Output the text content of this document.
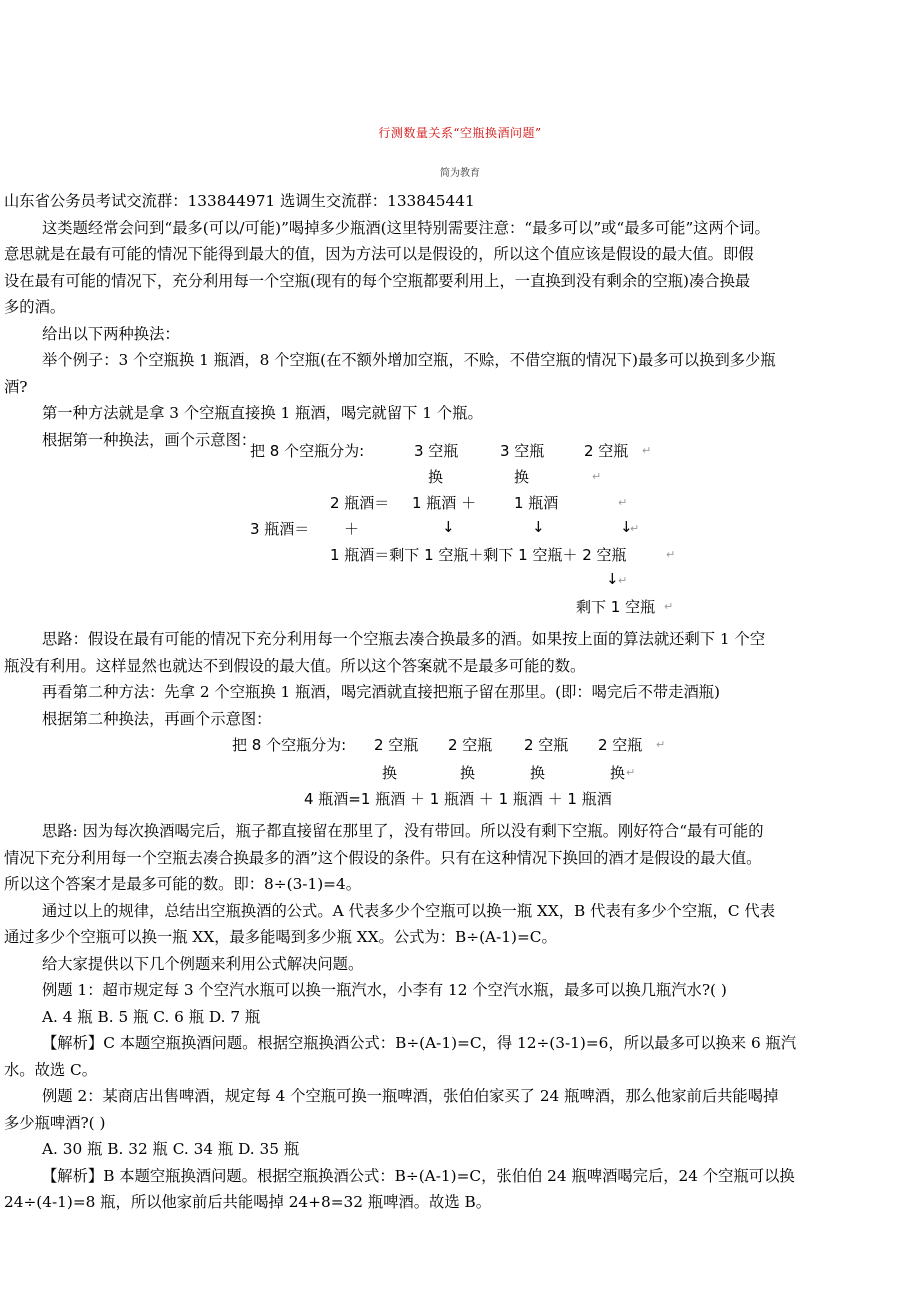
行测数量关系“空瓶换酒问题”
简为教育
山东省公务员考试交流群：133844971 选调生交流群：133845441
这类题经常会问到“最多(可以/可能)”喝掉多少瓶酒(这里特别需要注意：“最多可以”或“最多可能”这两个词。
意思就是在最有可能的情况下能得到最大的值，因为方法可以是假设的，所以这个值应该是假设的最大值。即假
设在最有可能的情况下，充分利用每一个空瓶(现有的每个空瓶都要利用上，一直换到没有剩余的空瓶)凑合换最
多的酒。
给出以下两种换法：
举个例子：3 个空瓶换 1 瓶酒，8 个空瓶(在不额外增加空瓶，不赊，不借空瓶的情况下)最多可以换到多少瓶
酒?
第一种方法就是拿 3 个空瓶直接换 1 瓶酒，喝完就留下 1 个瓶。
根据第一种换法，画个示意图：
把 8 个空瓶分为:	3 空瓶	3 空瓶	2 空瓶 ↵
换	换	↵
2 瓶酒＝ 1 瓶酒 ＋	1 瓶酒	↵
3 瓶酒＝ ＋	↓	↓	↓
↵
1 瓶酒＝剩下 1 空瓶＋剩下 1 空瓶＋ 2 空瓶	↵
↓ ↵
剩下 1 空瓶 ↵
思路：假设在最有可能的情况下充分利用每一个空瓶去凑合换最多的酒。如果按上面的算法就还剩下 1 个空
瓶没有利用。这样显然也就达不到假设的最大值。所以这个答案就不是最多可能的数。
再看第二种方法：先拿 2 个空瓶换 1 瓶酒，喝完酒就直接把瓶子留在那里。(即：喝完后不带走酒瓶)
根据第二种换法，再画个示意图：
把 8 个空瓶分为: 2 空瓶 2 空瓶 2 空瓶 2 空瓶 ↵
换	换	换	换 ↵
4 瓶酒=1 瓶酒 ＋ 1 瓶酒 ＋ 1 瓶酒 ＋ 1 瓶酒
思路: 因为每次换酒喝完后，瓶子都直接留在那里了，没有带回。所以没有剩下空瓶。刚好符合“最有可能的
情况下充分利用每一个空瓶去凑合换最多的酒”这个假设的条件。只有在这种情况下换回的酒才是假设的最大值。
所以这个答案才是最多可能的数。即：8÷(3-1)=4。
通过以上的规律，总结出空瓶换酒的公式。A 代表多少个空瓶可以换一瓶 XX，B 代表有多少个空瓶，C 代表
通过多少个空瓶可以换一瓶 XX，最多能喝到多少瓶 XX。公式为：B÷(A-1)=C。
给大家提供以下几个例题来利用公式解决问题。
例题 1：超市规定每 3 个空汽水瓶可以换一瓶汽水，小李有 12 个空汽水瓶，最多可以换几瓶汽水?( )
A. 4 瓶 B. 5 瓶 C. 6 瓶 D. 7 瓶
【解析】C 本题空瓶换酒问题。根据空瓶换酒公式：B÷(A-1)=C，得 12÷(3-1)=6，所以最多可以换来 6 瓶汽
水。故选 C。
例题 2：某商店出售啤酒，规定每 4 个空瓶可换一瓶啤酒，张伯伯家买了 24 瓶啤酒，那么他家前后共能喝掉
多少瓶啤酒?( )
A. 30 瓶 B. 32 瓶 C. 34 瓶 D. 35 瓶
【解析】B 本题空瓶换酒问题。根据空瓶换酒公式：B÷(A-1)=C，张伯伯 24 瓶啤酒喝完后，24 个空瓶可以换
24÷(4-1)=8 瓶，所以他家前后共能喝掉 24+8=32 瓶啤酒。故选 B。
